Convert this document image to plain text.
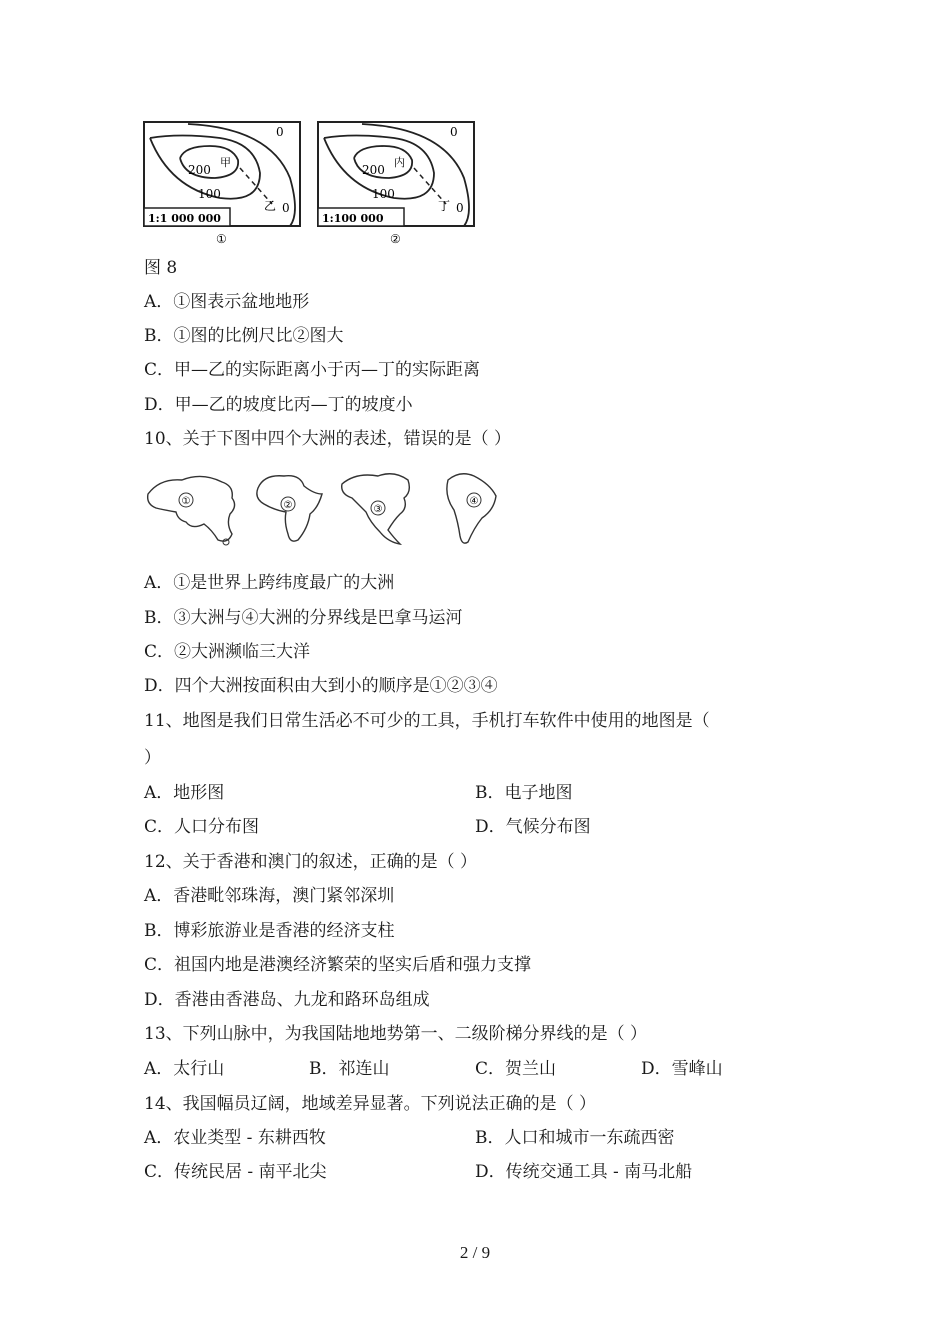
0
200
100
0
甲
乙
1:1 000 000
①
0
200
100
0
内
丁
1:100 000
②
图 8
A．①图表示盆地地形
B．①图的比例尺比②图大
C．甲—乙的实际距离小于丙—丁的实际距离
D．甲—乙的坡度比丙—丁的坡度小
10、关于下图中四个大洲的表述，错误的是（ ）
①	②	③
④
A．①是世界上跨纬度最广的大洲
B．③大洲与④大洲的分界线是巴拿马运河
C．②大洲濒临三大洋
D．四个大洲按面积由大到小的顺序是①②③④
11、地图是我们日常生活必不可少的工具，手机打车软件中使用的地图是（
）
A．地形图	B．电子地图
C．人口分布图	D．气候分布图
12、关于香港和澳门的叙述，正确的是（ ）
A．香港毗邻珠海，澳门紧邻深圳
B．博彩旅游业是香港的经济支柱
C．祖国内地是港澳经济繁荣的坚实后盾和强力支撑
D．香港由香港岛、九龙和路环岛组成
13、下列山脉中，为我国陆地地势第一、二级阶梯分界线的是（ ）
A．太行山	B．祁连山	C．贺兰山	D．雪峰山
14、我国幅员辽阔，地域差异显著。下列说法正确的是（ ）
A．农业类型 - 东耕西牧	B．人口和城市一东疏西密
C．传统民居 - 南平北尖	D．传统交通工具 - 南马北船
2 / 9
